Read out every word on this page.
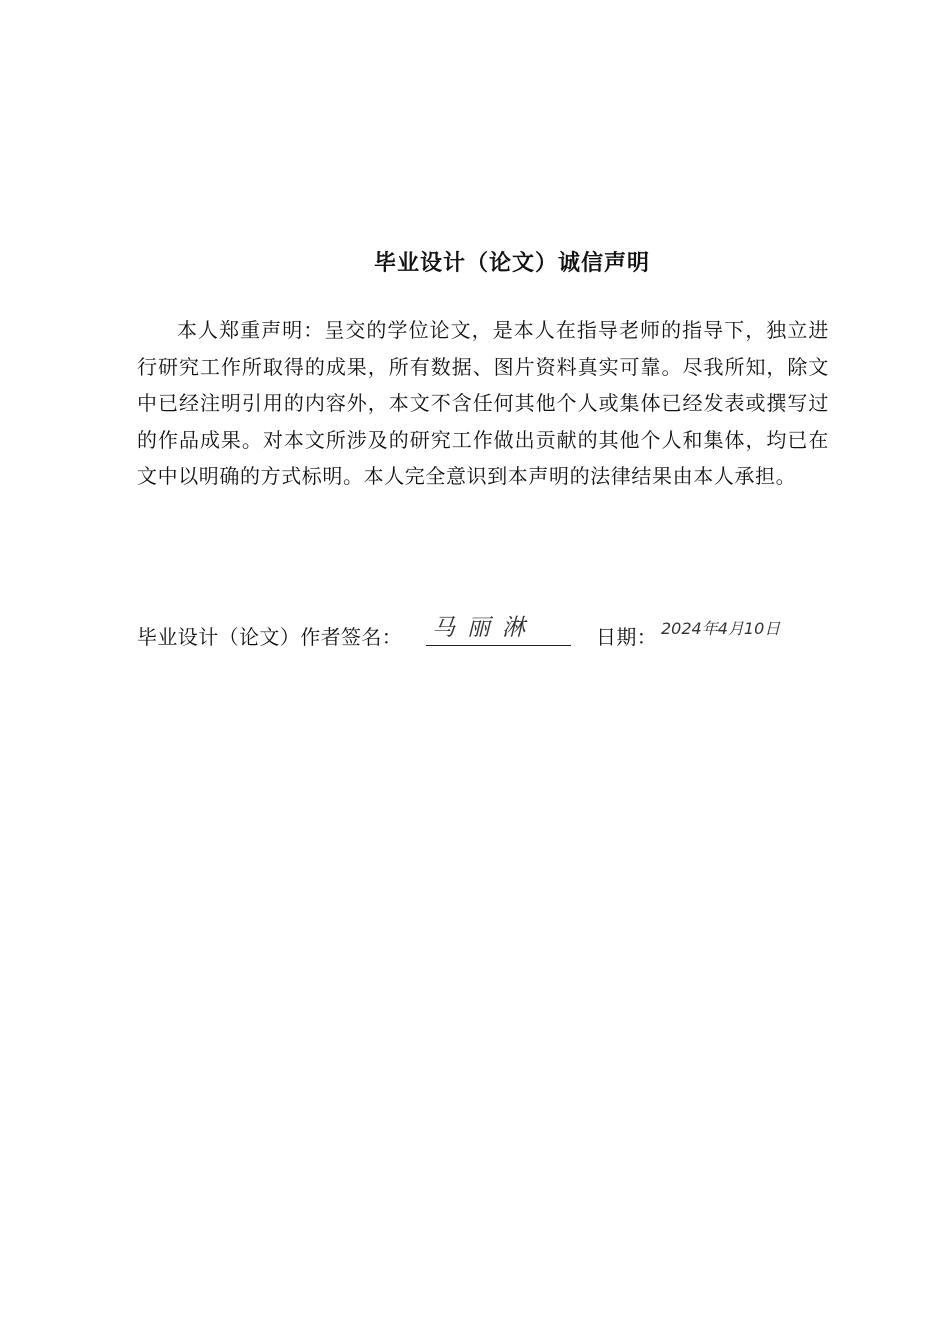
毕业设计（论文）诚信声明

本人郑重声明：呈交的学位论文，是本人在指导老师的指导下，独立进行研究工作所取得的成果，所有数据、图片资料真实可靠。尽我所知，除文中已经注明引用的内容外，本文不含任何其他个人或集体已经发表或撰写过的作品成果。对本文所涉及的研究工作做出贡献的其他个人和集体，均已在文中以明确的方式标明。本人完全意识到本声明的法律结果由本人承担。

毕业设计（论文）作者签名： 马丽淋	日期： 2024年4月10日
